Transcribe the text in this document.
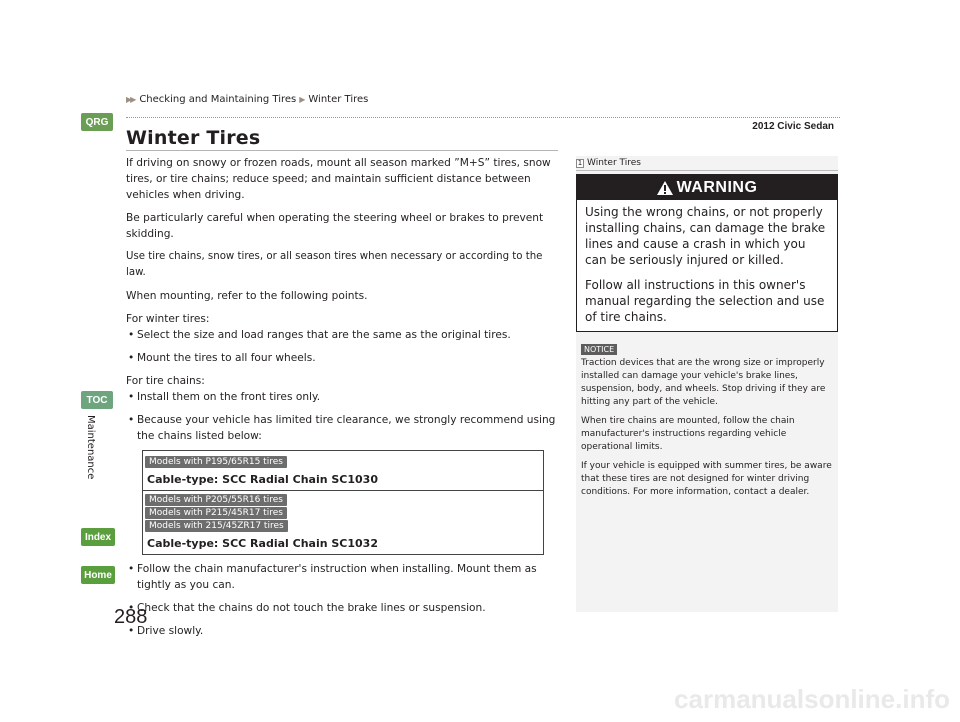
▶▶ Checking and Maintaining Tires ▶ Winter Tires
2012 Civic Sedan
QRG
TOC
Maintenance
Index
Home
Winter Tires

If driving on snowy or frozen roads, mount all season marked ”M+S” tires, snow tires, or tire chains; reduce speed; and maintain sufficient distance between vehicles when driving.

Be particularly careful when operating the steering wheel or brakes to prevent skidding.

Use tire chains, snow tires, or all season tires when necessary or according to the law.

When mounting, refer to the following points.

For winter tires:

• Select the size and load ranges that are the same as the original tires.
• Mount the tires to all four wheels.

For tire chains:

• Install them on the front tires only.
• Because your vehicle has limited tire clearance, we strongly recommend using the chains listed below:
Models with P195/65R15 tires
Cable-type: SCC Radial Chain SC1030
Models with P205/55R16 tires
Models with P215/45R17 tires
Models with 215/45ZR17 tires
Cable-type: SCC Radial Chain SC1032
• Follow the chain manufacturer's instruction when installing. Mount them as tightly as you can.
• Check that the chains do not touch the brake lines or suspension.
• Drive slowly.
1 Winter Tires
WARNING

Using the wrong chains, or not properly installing chains, can damage the brake lines and cause a crash in which you can be seriously injured or killed.

Follow all instructions in this owner's manual regarding the selection and use of tire chains.

NOTICE

Traction devices that are the wrong size or improperly installed can damage your vehicle's brake lines, suspension, body, and wheels. Stop driving if they are hitting any part of the vehicle.

When tire chains are mounted, follow the chain manufacturer's instructions regarding vehicle operational limits.

If your vehicle is equipped with summer tires, be aware that these tires are not designed for winter driving conditions. For more information, contact a dealer.

288
carmanualsonline.info
